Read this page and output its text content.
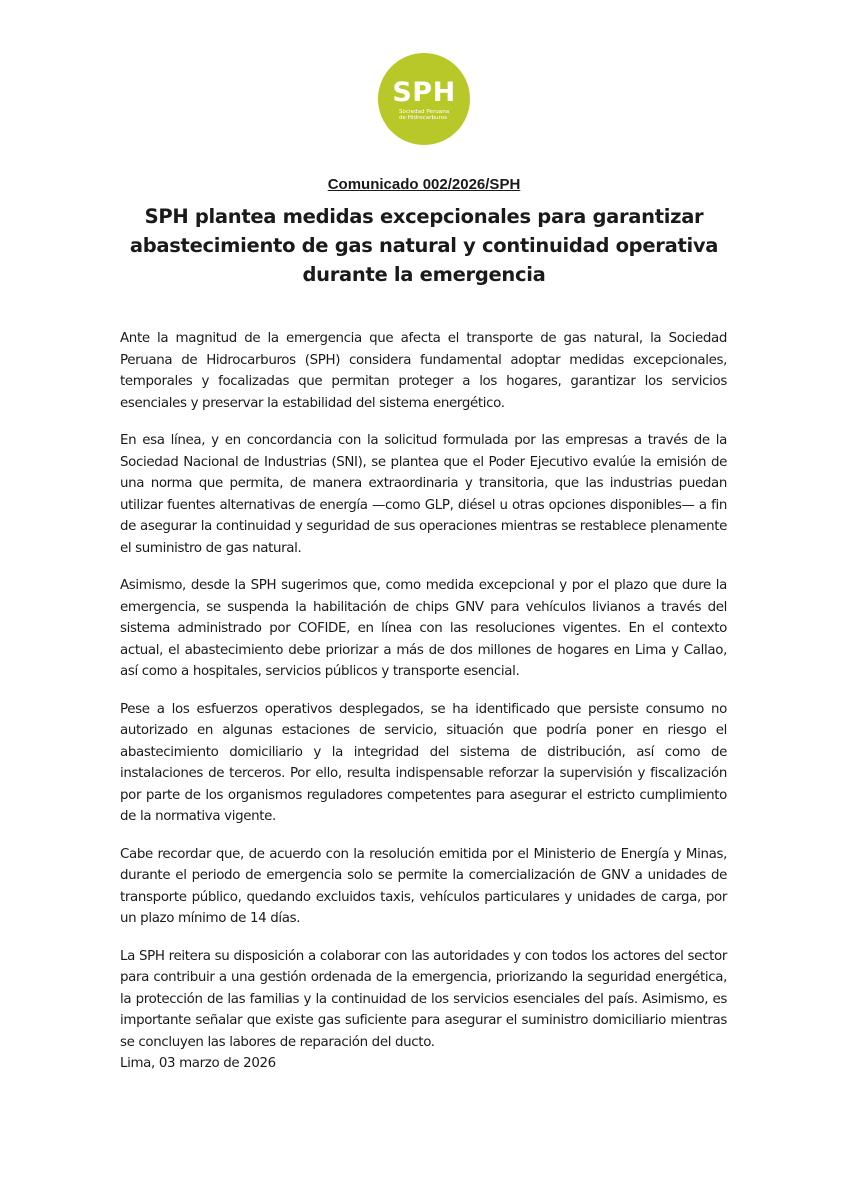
SPH
Sociedad Peruana
de Hidrocarburos
Comunicado 002/2026/SPH
SPH plantea medidas excepcionales para garantizar abastecimiento de gas natural y continuidad operativa durante la emergencia

Ante la magnitud de la emergencia que afecta el transporte de gas natural, la Sociedad Peruana de Hidrocarburos (SPH) considera fundamental adoptar medidas excepcionales, temporales y focalizadas que permitan proteger a los hogares, garantizar los servicios esenciales y preservar la estabilidad del sistema energético.

En esa línea, y en concordancia con la solicitud formulada por las empresas a través de la Sociedad Nacional de Industrias (SNI), se plantea que el Poder Ejecutivo evalúe la emisión de una norma que permita, de manera extraordinaria y transitoria, que las industrias puedan utilizar fuentes alternativas de energía —como GLP, diésel u otras opciones disponibles— a fin de asegurar la continuidad y seguridad de sus operaciones mientras se restablece plenamente el suministro de gas natural.

Asimismo, desde la SPH sugerimos que, como medida excepcional y por el plazo que dure la emergencia, se suspenda la habilitación de chips GNV para vehículos livianos a través del sistema administrado por COFIDE, en línea con las resoluciones vigentes. En el contexto actual, el abastecimiento debe priorizar a más de dos millones de hogares en Lima y Callao, así como a hospitales, servicios públicos y transporte esencial.

Pese a los esfuerzos operativos desplegados, se ha identificado que persiste consumo no autorizado en algunas estaciones de servicio, situación que podría poner en riesgo el abastecimiento domiciliario y la integridad del sistema de distribución, así como de instalaciones de terceros. Por ello, resulta indispensable reforzar la supervisión y fiscalización por parte de los organismos reguladores competentes para asegurar el estricto cumplimiento de la normativa vigente.

Cabe recordar que, de acuerdo con la resolución emitida por el Ministerio de Energía y Minas, durante el periodo de emergencia solo se permite la comercialización de GNV a unidades de transporte público, quedando excluidos taxis, vehículos particulares y unidades de carga, por un plazo mínimo de 14 días.

La SPH reitera su disposición a colaborar con las autoridades y con todos los actores del sector para contribuir a una gestión ordenada de la emergencia, priorizando la seguridad energética, la protección de las familias y la continuidad de los servicios esenciales del país. Asimismo, es importante señalar que existe gas suficiente para asegurar el suministro domiciliario mientras se concluyen las labores de reparación del ducto.

Lima, 03 marzo de 2026
